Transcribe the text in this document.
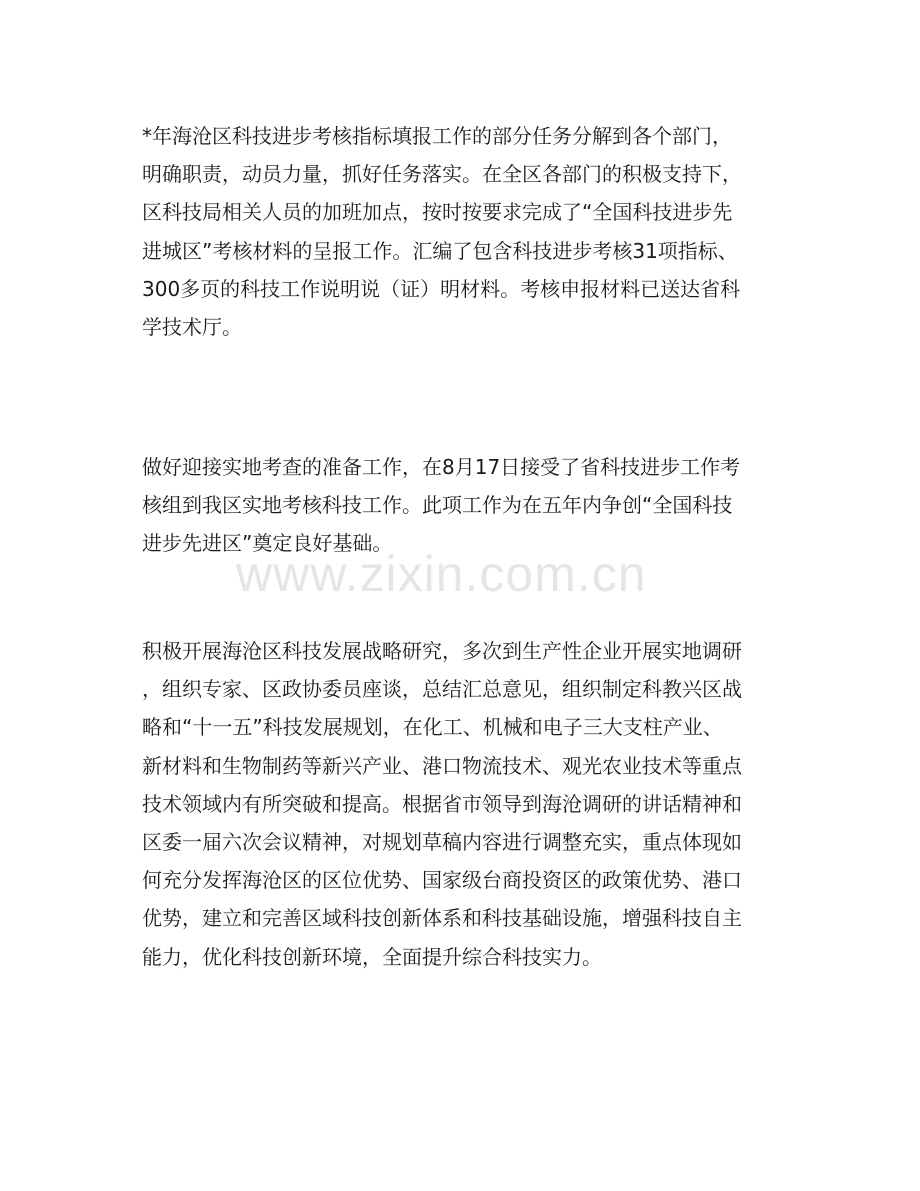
*年海沧区科技进步考核指标填报工作的部分任务分解到各个部门，
明确职责，动员力量，抓好任务落实。在全区各部门的积极支持下，
区科技局相关人员的加班加点，按时按要求完成了“全国科技进步先
进城区”考核材料的呈报工作。汇编了包含科技进步考核31项指标、
300多页的科技工作说明说（证）明材料。考核申报材料已送达省科
学技术厅。
做好迎接实地考查的准备工作，在8月17日接受了省科技进步工作考
核组到我区实地考核科技工作。此项工作为在五年内争创“全国科技
进步先进区”奠定良好基础。
积极开展海沧区科技发展战略研究，多次到生产性企业开展实地调研
，组织专家、区政协委员座谈，总结汇总意见，组织制定科教兴区战
略和“十一五”科技发展规划，在化工、机械和电子三大支柱产业、
新材料和生物制药等新兴产业、港口物流技术、观光农业技术等重点
技术领域内有所突破和提高。根据省市领导到海沧调研的讲话精神和
区委一届六次会议精神，对规划草稿内容进行调整充实，重点体现如
何充分发挥海沧区的区位优势、国家级台商投资区的政策优势、港口
优势，建立和完善区域科技创新体系和科技基础设施，增强科技自主
能力，优化科技创新环境，全面提升综合科技实力。
www.zixin.com.cn
